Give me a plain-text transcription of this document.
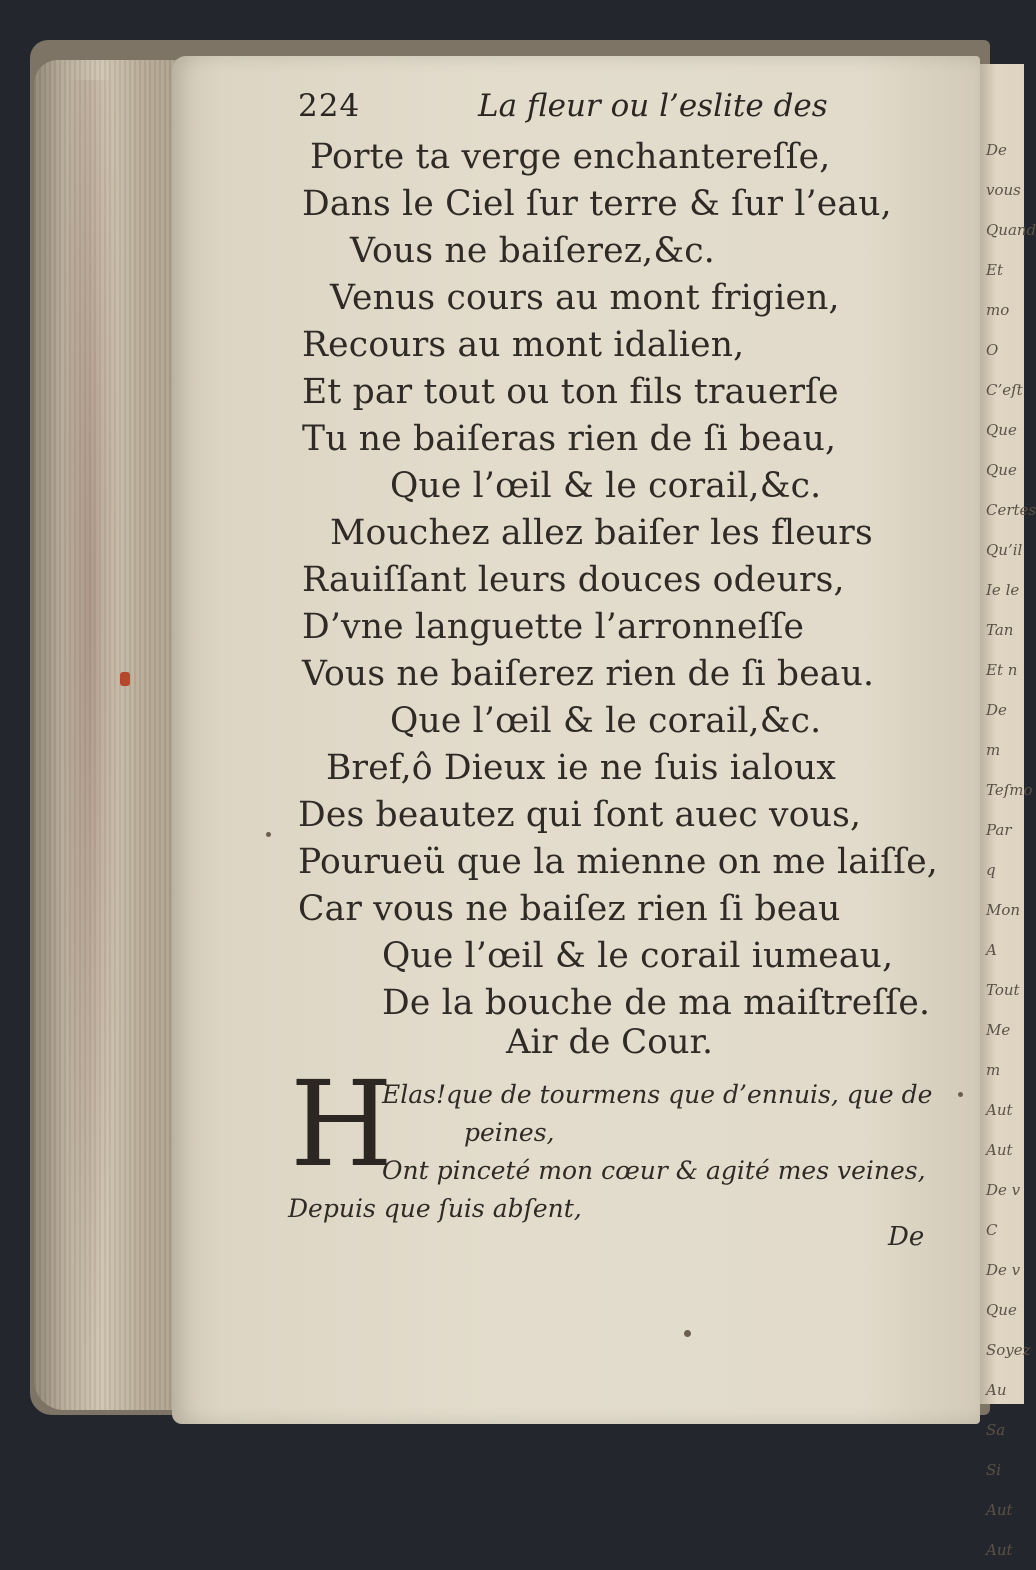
De vous
Quand
Et mo
O
C’eſt
Que
Que
Certes
Qu’il
Ie le
Tan
Et n
De m
Teſmo
Par q
Mon
A
Tout
Me m
Aut
Aut
De v
C
De v
Que
Soyez
Au
Sa
Si
Aut
Aut
224	La fleur ou l’eslite des
Porte ta verge enchantereſſe,
Dans le Ciel ſur terre & ſur l’eau,
Vous ne baiſerez,&c.
Venus cours au mont frigien,
Recours au mont idalien,
Et par tout ou ton fils trauerſe
Tu ne baiſeras rien de ſi beau,
Que l’œil & le corail,&c.
Mouchez allez baiſer les fleurs
Rauiſſant leurs douces odeurs,
D’vne languette l’arronneſſe
Vous ne baiſerez rien de ſi beau.
Que l’œil & le corail,&c.
Bref,ô Dieux ie ne ſuis ialoux
Des beautez qui ſont auec vous,
Pourueü que la mienne on me laiſſe,
Car vous ne baiſez rien ſi beau
Que l’œil & le corail iumeau,
De la bouche de ma maiſtreſſe.
Air de Cour.
H
Elas!que de tourmens que d’ennuis, que de
peines,
Ont pinceté mon cœur & agité mes veines,
Depuis que ſuis abſent,
De
